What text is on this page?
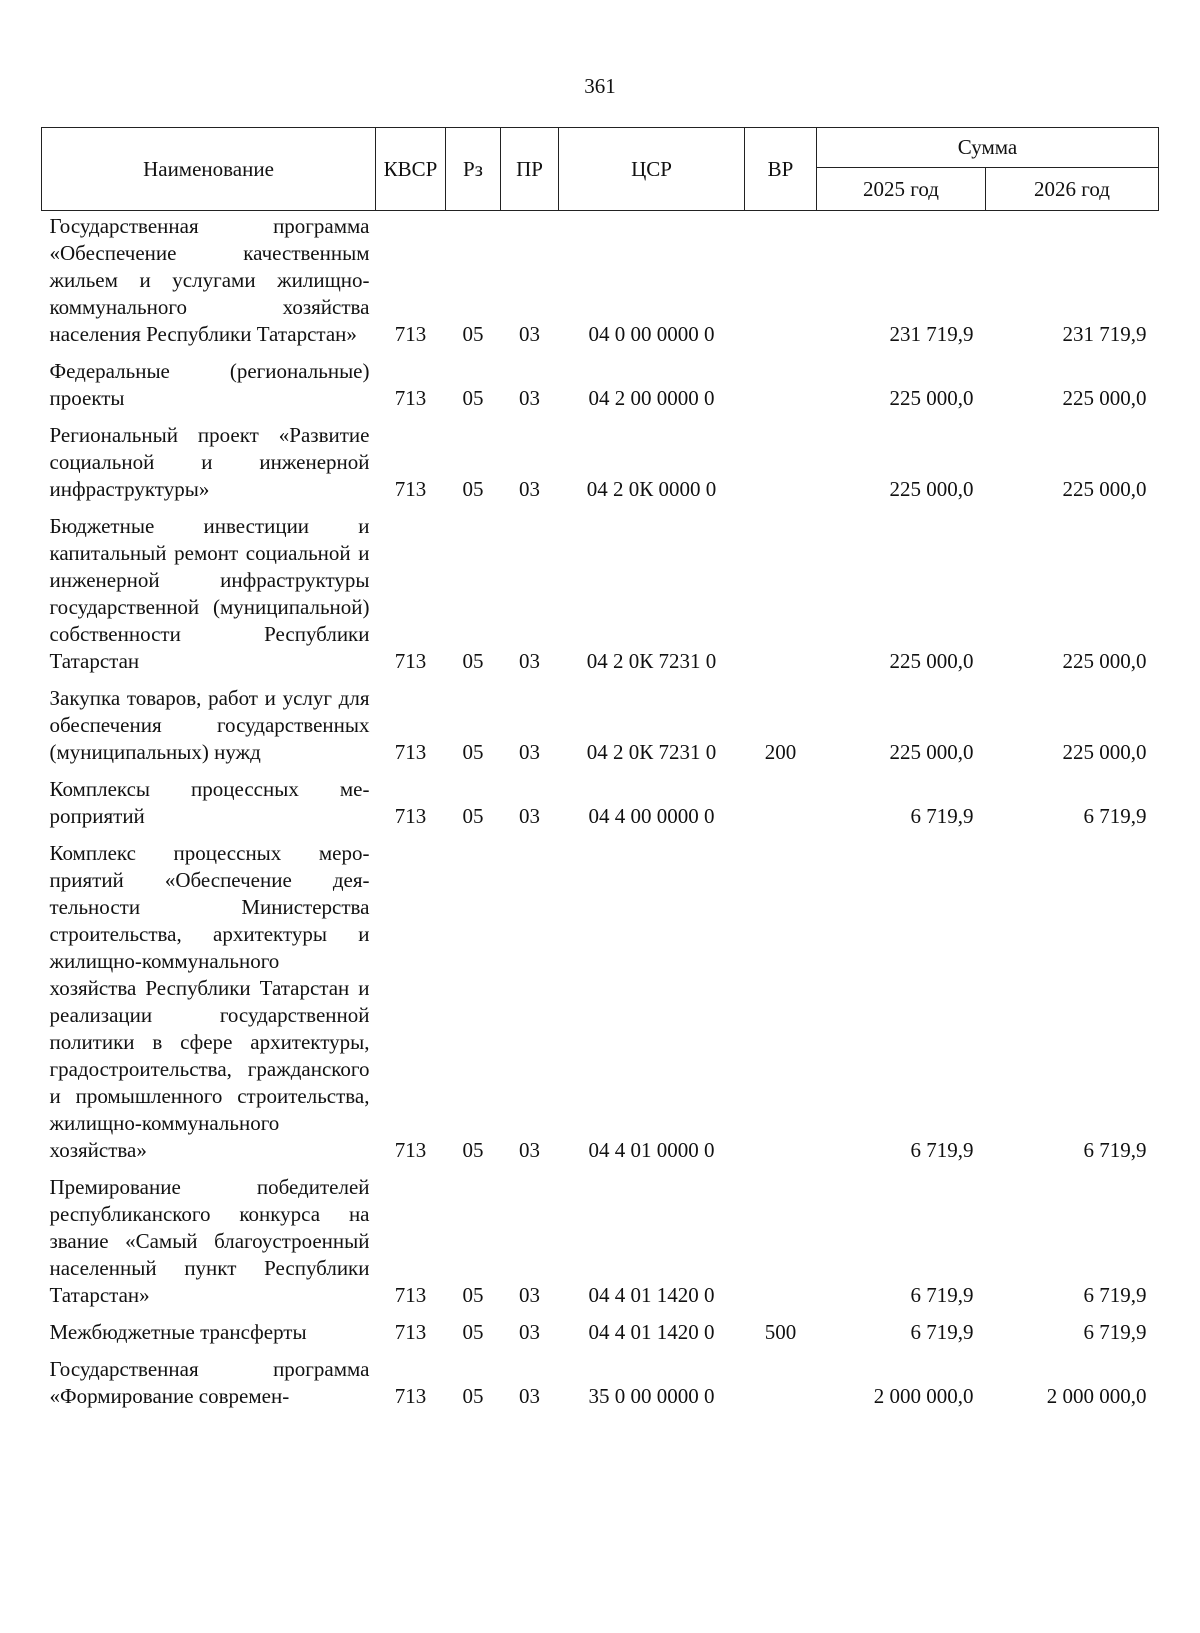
361
Наименование	КВСР	Рз	ПР	ЦСР	ВР	Сумма	
						2025 год	2026 год
Государственная программа «Обеспечение качественным жильем и услугами жилищно-коммунального хозяйства населения Республики Татарстан»	713	05	03	04 0 00 0000 0		231 719,9	231 719,9
Федеральные (региональные) проекты	713	05	03	04 2 00 0000 0		225 000,0	225 000,0
Региональный проект «Развитие социальной и инженерной инфраструктуры»	713	05	03	04 2 0К 0000 0		225 000,0	225 000,0
Бюджетные инвестиции и капитальный ремонт социальной и инженерной инфраструктуры государственной (муниципальной) собственности Республики Татарстан	713	05	03	04 2 0К 7231 0		225 000,0	225 000,0
Закупка товаров, работ и услуг для обеспечения государственных (муниципальных) нужд	713	05	03	04 2 0К 7231 0	200	225 000,0	225 000,0
Комплексы процессных мероприятий	713	05	03	04 4 00 0000 0		6 719,9	6 719,9
Комплекс процессных мероприятий «Обеспечение деятельности Министерства строительства, архитектуры и жилищно-коммунального хозяйства Республики Татарстан и реализации государственной политики в сфере архитектуры, градостроительства, гражданского и промышленного строительства, жилищно-коммунального хозяйства»	713	05	03	04 4 01 0000 0		6 719,9	6 719,9
Премирование победителей республиканского конкурса на звание «Самый благоустроенный населенный пункт Республики Татарстан»	713	05	03	04 4 01 1420 0		6 719,9	6 719,9
Межбюджетные трансферты	713	05	03	04 4 01 1420 0	500	6 719,9	6 719,9
Государственная программа «Формирование современ-	713	05	03	35 0 00 0000 0		2 000 000,0	2 000 000,0
